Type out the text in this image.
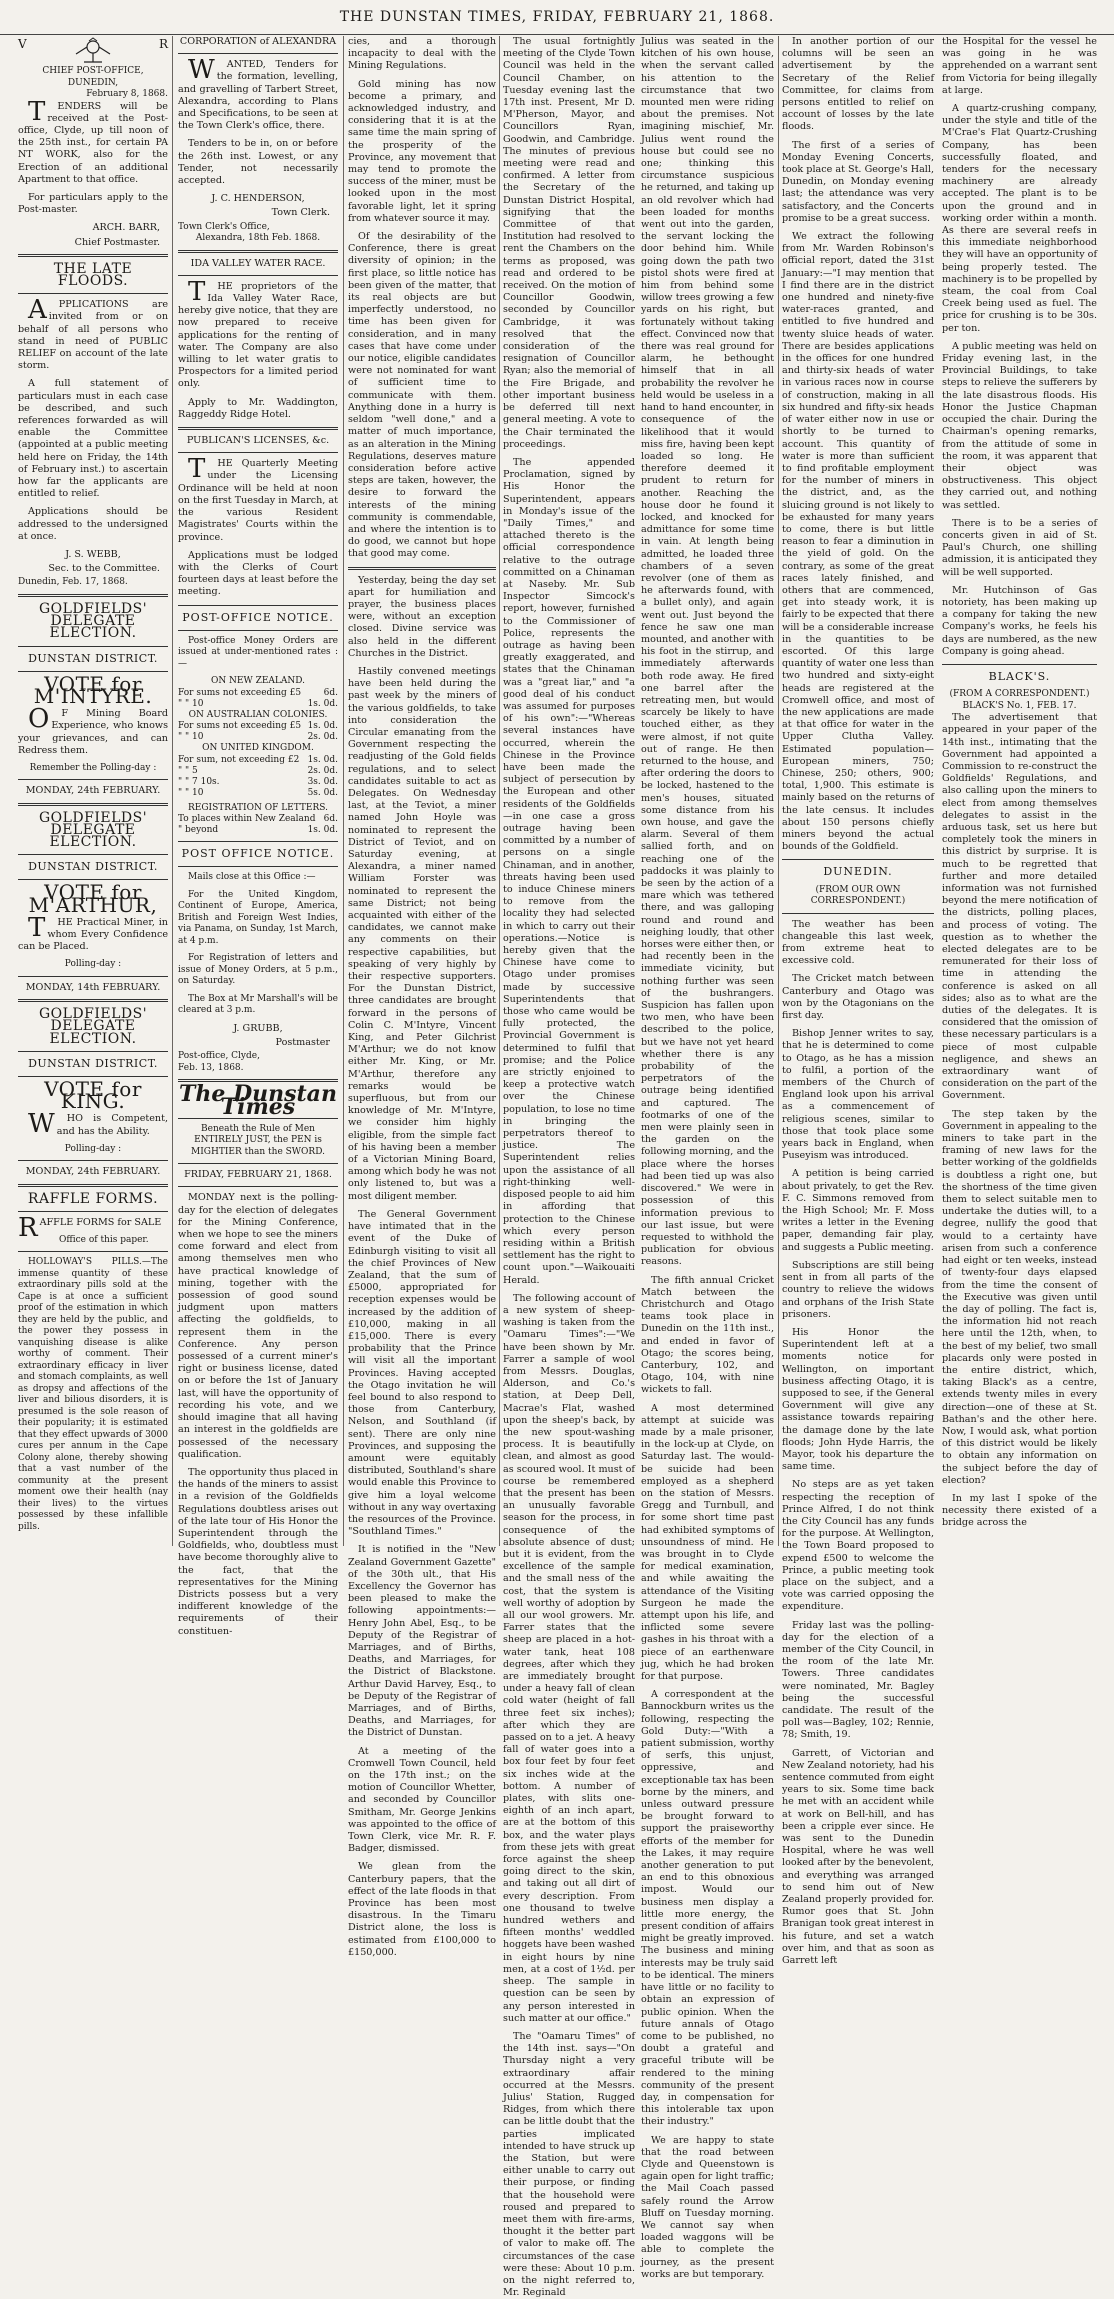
THE DUNSTAN TIMES, FRIDAY, FEBRUARY 21, 1868.
V	R
CHIEF POST-OFFICE, DUNEDIN,
February 8, 1868.

TENDERS will be received at the Post-office, Clyde, up till noon of the 25th inst., for certain PA NT WORK, also for the Erection of an additional Apartment to that office.

For particulars apply to the Post-master.

ARCH. BARR,
Chief Postmaster.
THE LATE FLOODS.

APPLICATIONS are invited from or on behalf of all persons who stand in need of PUBLIC RELIEF on account of the late storm.

A full statement of particulars must in each case be described, and such references forwarded as will enable the Committee (appointed at a public meeting held here on Friday, the 14th of February inst.) to ascertain how far the applicants are entitled to relief.

Applications should be addressed to the undersigned at once.

J. S. WEBB,
Sec. to the Committee.
Dunedin, Feb. 17, 1868.
GOLDFIELDS' DELEGATE ELECTION.
DUNSTAN DISTRICT.
VOTE for M'INTYRE.

OF Mining Board Experience, who knows your grievances, and can Redress them.

Remember the Polling-day :
MONDAY, 24th FEBRUARY.
GOLDFIELDS' DELEGATE ELECTION.
DUNSTAN DISTRICT.
VOTE for M'ARTHUR,

THE Practical Miner, in whom Every Confidence can be Placed.

Polling-day :
MONDAY, 14th FEBRUARY.
GOLDFIELDS' DELEGATE ELECTION.
DUNSTAN DISTRICT.
VOTE for KING.

WHO is Competent, and has the Ability.

Polling-day :
MONDAY, 24th FEBRUARY.
RAFFLE FORMS.

RAFFLE FORMS for SALE

Office of this paper.

HOLLOWAY'S PILLS.—The immense quantity of these extraordinary pills sold at the Cape is at once a sufficient proof of the estimation in which they are held by the public, and the power they possess in vanquishing disease is alike worthy of comment. Their extraordinary efficacy in liver and stomach complaints, as well as dropsy and affections of the liver and bilious disorders, it is presumed is the sole reason of their popularity; it is estimated that they effect upwards of 3000 cures per annum in the Cape Colony alone, thereby showing that a vast number of the community at the present moment owe their health (nay their lives) to the virtues possessed by these infallible pills.

CORPORATION of ALEXANDRA

WANTED, Tenders for the formation, levelling, and gravelling of Tarbert Street, Alexandra, according to Plans and Specifications, to be seen at the Town Clerk's office, there.

Tenders to be in, on or before the 26th inst. Lowest, or any Tender, not necessarily accepted.

J. C. HENDERSON,
Town Clerk.
Town Clerk's Office,
Alexandra, 18th Feb. 1868.
IDA VALLEY WATER RACE.

THE proprietors of the Ida Valley Water Race, hereby give notice, that they are now prepared to receive applications for the renting of water. The Company are also willing to let water gratis to Prospectors for a limited period only.

Apply to Mr. Waddington, Raggeddy Ridge Hotel.

PUBLICAN'S LICENSES, &c.

THE Quarterly Meeting under the Licensing Ordinance will be held at noon on the first Tuesday in March, at the various Resident Magistrates' Courts within the province.

Applications must be lodged with the Clerks of Court fourteen days at least before the meeting.

POST-OFFICE NOTICE.

Post-office Money Orders are issued at under-mentioned rates :—

ON NEW ZEALAND.
For sums not exceeding £5	6d.
" " 10	1s. 0d.
ON AUSTRALIAN COLONIES.
For sums not exceeding £5 1s. 0d.
" " 10	2s. 0d.
ON UNITED KINGDOM.
For sum, not exceeding £2 1s. 0d.
" " 5	2s. 0d.
" " 7 10s.	3s. 0d.
" " 10	5s. 0d.
REGISTRATION OF LETTERS.
To places within New Zealand 6d.
" beyond	1s. 0d.
POST OFFICE NOTICE.

Mails close at this Office :—

For the United Kingdom, Continent of Europe, America, British and Foreign West Indies, via Panama, on Sunday, 1st March, at 4 p.m.

For Registration of letters and issue of Money Orders, at 5 p.m., on Saturday.

The Box at Mr Marshall's will be cleared at 3 p.m.

J. GRUBB,
Postmaster
Post-office, Clyde,
Feb. 13, 1868.
The Dunstan Times
Beneath the Rule of Men ENTIRELY JUST, the PEN is MIGHTIER than the SWORD.
FRIDAY, FEBRUARY 21, 1868.

MONDAY next is the polling-day for the election of delegates for the Mining Conference, when we hope to see the miners come forward and elect from among themselves men who have practical knowledge of mining, together with the possession of good sound judgment upon matters affecting the goldfields, to represent them in the Conference. Any person possessed of a current miner's right or business license, dated on or before the 1st of January last, will have the opportunity of recording his vote, and we should imagine that all having an interest in the goldfields are possessed of the necessary qualification.

The opportunity thus placed in the hands of the miners to assist in a revision of the Goldfields Regulations doubtless arises out of the late tour of His Honor the Superintendent through the Goldfields, who, doubtless must have become thoroughly alive to the fact, that the representatives for the Mining Districts possess but a very indifferent knowledge of the requirements of their constituen-

cies, and a thorough incapacity to deal with the Mining Regulations.

Gold mining has now become a primary, and acknowledged industry, and considering that it is at the same time the main spring of the prosperity of the Province, any movement that may tend to promote the success of the miner, must be looked upon in the most favorable light, let it spring from whatever source it may.

Of the desirability of the Conference, there is great diversity of opinion; in the first place, so little notice has been given of the matter, that its real objects are but imperfectly understood, no time has been given for consideration, and in many cases that have come under our notice, eligible candidates were not nominated for want of sufficient time to communicate with them. Anything done in a hurry is seldom "well done," and a matter of much importance, as an alteration in the Mining Regulations, deserves mature consideration before active steps are taken, however, the desire to forward the interests of the mining community is commendable, and where the intention is to do good, we cannot but hope that good may come.

Yesterday, being the day set apart for humiliation and prayer, the business places were, without an exception closed. Divine service was also held in the different Churches in the District.

Hastily convened meetings have been held during the past week by the miners of the various goldfields, to take into consideration the Circular emanating from the Government respecting the readjusting of the Gold fields regulations, and to select candidates suitable to act as Delegates. On Wednesday last, at the Teviot, a miner named John Hoyle was nominated to represent the District of Teviot, and on Saturday evening, at Alexandra, a miner named William Forster was nominated to represent the same District; not being acquainted with either of the candidates, we cannot make any comments on their respective capabilities, but speaking of very highly by their respective supporters. For the Dunstan District, three candidates are brought forward in the persons of Colin C. M'Intyre, Vincent King, and Peter Gilchrist M'Arthur; we do not know either Mr. King, or Mr. M'Arthur, therefore any remarks would be superfluous, but from our knowledge of Mr. M'Intyre, we consider him highly eligible, from the simple fact of his having been a member of a Victorian Mining Board, among which body he was not only listened to, but was a most diligent member.

The General Government have intimated that in the event of the Duke of Edinburgh visiting to visit all the chief Provinces of New Zealand, that the sum of £5000, appropriated for reception expenses would be increased by the addition of £10,000, making in all £15,000. There is every probability that the Prince will visit all the important Provinces. Having accepted the Otago invitation he will feel bound to also respond to those from Canterbury, Nelson, and Southland (if sent). There are only nine Provinces, and supposing the amount were equitably distributed, Southland's share would enable this Province to give him a loyal welcome without in any way overtaxing the resources of the Province. "Southland Times."

It is notified in the "New Zealand Government Gazette" of the 30th ult., that His Excellency the Governor has been pleased to make the following appointments:—Henry John Abel, Esq., to be Deputy of the Registrar of Marriages, and of Births, Deaths, and Marriages, for the District of Blackstone. Arthur David Harvey, Esq., to be Deputy of the Registrar of Marriages, and of Births, Deaths, and Marriages, for the District of Dunstan.

At a meeting of the Cromwell Town Council, held on the 17th inst.; on the motion of Councillor Whetter, and seconded by Councillor Smitham, Mr. George Jenkins was appointed to the office of Town Clerk, vice Mr. R. F. Badger, dismissed.

We glean from the Canterbury papers, that the effect of the late floods in that Province has been most disastrous. In the Timaru District alone, the loss is estimated from £100,000 to £150,000.

The usual fortnightly meeting of the Clyde Town Council was held in the Council Chamber, on Tuesday evening last the 17th inst. Present, Mr D. M'Pherson, Mayor, and Councillors Ryan, Goodwin, and Cambridge. The minutes of previous meeting were read and confirmed. A letter from the Secretary of the Dunstan District Hospital, signifying that the Committee of that Institution had resolved to rent the Chambers on the terms as proposed, was read and ordered to be received. On the motion of Councillor Goodwin, seconded by Councillor Cambridge, it was resolved that the consideration of the resignation of Councillor Ryan; also the memorial of the Fire Brigade, and other important business be deferred till next general meeting. A vote to the Chair terminated the proceedings.

The appended Proclamation, signed by His Honor the Superintendent, appears in Monday's issue of the "Daily Times," and attached thereto is the official correspondence relative to the outrage committed on a Chinaman at Naseby. Mr. Sub Inspector Simcock's report, however, furnished to the Commissioner of Police, represents the outrage as having been greatly exaggerated, and states that the Chinaman was a "great liar," and "a good deal of his conduct was assumed for purposes of his own":—"Whereas several instances have occurred, wherein the Chinese in the Province have been made the subject of persecution by the European and other residents of the Goldfields—in one case a gross outrage having been committed by a number of persons on a single Chinaman, and in another, threats having been used to induce Chinese miners to remove from the locality they had selected in which to carry out their operations.—Notice is hereby given that the Chinese have come to Otago under promises made by successive Superintendents that those who came would be fully protected, the Provincial Government is determined to fulfil that promise; and the Police are strictly enjoined to keep a protective watch over the Chinese population, to lose no time in bringing the perpetrators thereof to justice. The Superintendent relies upon the assistance of all right-thinking well-disposed people to aid him in affording that protection to the Chinese which every person residing within a British settlement has the right to count upon."—Waikouaiti Herald.

The following account of a new system of sheep-washing is taken from the "Oamaru Times":—"We have been shown by Mr. Farrer a sample of wool from Messrs. Douglas, Alderson, and Co.'s station, at Deep Dell, Macrae's Flat, washed upon the sheep's back, by the new spout-washing process. It is beautifully clean, and almost as good as scoured wool. It must of course be remembered that the present has been an unusually favorable season for the process, in consequence of the absolute absence of dust; but it is evident, from the excellence of the sample and the small ness of the cost, that the system is well worthy of adoption by all our wool growers. Mr. Farrer states that the sheep are placed in a hot-water tank, heat 108 degrees, after which they are immediately brought under a heavy fall of clean cold water (height of fall three feet six inches); after which they are passed on to a jet. A heavy fall of water goes into a box four feet by four feet six inches wide at the bottom. A number of plates, with slits one-eighth of an inch apart, are at the bottom of this box, and the water plays from these jets with great force against the sheep going direct to the skin, and taking out all dirt of every description. From one thousand to twelve hundred wethers and fifteen months' weddled hoggets have been washed in eight hours by nine men, at a cost of 1½d. per sheep. The sample in question can be seen by any person interested in such matter at our office."

The "Oamaru Times" of the 14th inst. says—"On Thursday night a very extraordinary affair occurred at the Messrs. Julius' Station, Rugged Ridges, from which there can be little doubt that the parties implicated intended to have struck up the Station, but were either unable to carry out their purpose, or finding that the household were roused and prepared to meet them with fire-arms, thought it the better part of valor to make off. The circumstances of the case were these: About 10 p.m. on the night referred to, Mr. Reginald

Julius was seated in the kitchen of his own house, when the servant called his attention to the circumstance that two mounted men were riding about the premises. Not imagining mischief, Mr. Julius went round the house but could see no one; thinking this circumstance suspicious he returned, and taking up an old revolver which had been loaded for months went out into the garden, the servant locking the door behind him. While going down the path two pistol shots were fired at him from behind some willow trees growing a few yards on his right, but fortunately without taking effect. Convinced now that there was real ground for alarm, he bethought himself that in all probability the revolver he held would be useless in a hand to hand encounter, in consequence of the likelihood that it would miss fire, having been kept loaded so long. He therefore deemed it prudent to return for another. Reaching the house door he found it locked, and knocked for admittance for some time in vain. At length being admitted, he loaded three chambers of a seven revolver (one of them as he afterwards found, with a bullet only), and again went out. Just beyond the fence he saw one man mounted, and another with his foot in the stirrup, and immediately afterwards both rode away. He fired one barrel after the retreating men, but would scarcely be likely to have touched either, as they were almost, if not quite out of range. He then returned to the house, and after ordering the doors to be locked, hastened to the men's houses, situated some distance from his own house, and gave the alarm. Several of them sallied forth, and on reaching one of the paddocks it was plainly to be seen by the action of a mare which was tethered there, and was galloping round and round and neighing loudly, that other horses were either then, or had recently been in the immediate vicinity, but nothing further was seen of the bushrangers. Suspicion has fallen upon two men, who have been described to the police, but we have not yet heard whether there is any probability of the perpetrators of the outrage being identified and captured. The footmarks of one of the men were plainly seen in the garden on the following morning, and the place where the horses had been tied up was also discovered." We were in possession of this information previous to our last issue, but were requested to withhold the publication for obvious reasons.

The fifth annual Cricket Match between the Christchurch and Otago teams took place in Dunedin on the 11th inst., and ended in favor of Otago; the scores being, Canterbury, 102, and Otago, 104, with nine wickets to fall.

A most determined attempt at suicide was made by a male prisoner, in the lock-up at Clyde, on Saturday last. The would-be suicide had been employed as a shepherd on the station of Messrs. Gregg and Turnbull, and for some short time past had exhibited symptoms of unsoundness of mind. He was brought in to Clyde for medical examination, and while awaiting the attendance of the Visiting Surgeon he made the attempt upon his life, and inflicted some severe gashes in his throat with a piece of an earthenware jug, which he had broken for that purpose.

A correspondent at the Bannockburn writes us the following, respecting the Gold Duty:—"With a patient submission, worthy of serfs, this unjust, oppressive, and exceptionable tax has been borne by the miners, and unless outward pressure be brought forward to support the praiseworthy efforts of the member for the Lakes, it may require another generation to put an end to this obnoxious impost. Would our business men display a little more energy, the present condition of affairs might be greatly improved. The business and mining interests may be truly said to be identical. The miners have little or no facility to obtain an expression of public opinion. When the future annals of Otago come to be published, no doubt a grateful and graceful tribute will be rendered to the mining community of the present day, in compensation for this intolerable tax upon their industry."

We are happy to state that the road between Clyde and Queenstown is again open for light traffic; the Mail Coach passed safely round the Arrow Bluff on Tuesday morning. We cannot say when loaded waggons will be able to complete the journey, as the present works are but temporary.

In another portion of our columns will be seen an advertisement by the Secretary of the Relief Committee, for claims from persons entitled to relief on account of losses by the late floods.

The first of a series of Monday Evening Concerts, took place at St. George's Hall, Dunedin, on Monday evening last; the attendance was very satisfactory, and the Concerts promise to be a great success.

We extract the following from Mr. Warden Robinson's official report, dated the 31st January:—"I may mention that I find there are in the district one hundred and ninety-five water-races granted, and entitled to five hundred and twenty sluice heads of water. There are besides applications in the offices for one hundred and thirty-six heads of water in various races now in course of construction, making in all six hundred and fifty-six heads of water either now in use or shortly to be turned to account. This quantity of water is more than sufficient to find profitable employment for the number of miners in the district, and, as the sluicing ground is not likely to be exhausted for many years to come, there is but little reason to fear a diminution in the yield of gold. On the contrary, as some of the great races lately finished, and others that are commenced, get into steady work, it is fairly to be expected that there will be a considerable increase in the quantities to be escorted. Of this large quantity of water one less than two hundred and sixty-eight heads are registered at the Cromwell office, and most of the new applications are made at that office for water in the Upper Clutha Valley. Estimated population—European miners, 750; Chinese, 250; others, 900; total, 1,900. This estimate is mainly based on the returns of the late census. It includes about 150 persons chiefly miners beyond the actual bounds of the Goldfield.

DUNEDIN.
(FROM OUR OWN CORRESPONDENT.)

The weather has been changeable this last week, from extreme heat to excessive cold.

The Cricket match between Canterbury and Otago was won by the Otagonians on the first day.

Bishop Jenner writes to say, that he is determined to come to Otago, as he has a mission to fulfil, a portion of the members of the Church of England look upon his arrival as a commencement of religious scenes, similar to those that took place some years back in England, when Puseyism was introduced.

A petition is being carried about privately, to get the Rev. F. C. Simmons removed from the High School; Mr. F. Moss writes a letter in the Evening paper, demanding fair play, and suggests a Public meeting.

Subscriptions are still being sent in from all parts of the country to relieve the widows and orphans of the Irish State prisoners.

His Honor the Superintendent left at a moments notice for Wellington, on important business affecting Otago, it is supposed to see, if the General Government will give any assistance towards repairing the damage done by the late floods; John Hyde Harris, the Mayor, took his departure the same time.

No steps are as yet taken respecting the reception of Prince Alfred, I do not think the City Council has any funds for the purpose. At Wellington, the Town Board proposed to expend £500 to welcome the Prince, a public meeting took place on the subject, and a vote was carried opposing the expenditure.

Friday last was the polling-day for the election of a member of the City Council, in the room of the late Mr. Towers. Three candidates were nominated, Mr. Bagley being the successful candidate. The result of the poll was—Bagley, 102; Rennie, 78; Smith, 19.

Garrett, of Victorian and New Zealand notoriety, had his sentence commuted from eight years to six. Some time back he met with an accident while at work on Bell-hill, and has been a cripple ever since. He was sent to the Dunedin Hospital, where he was well looked after by the benevolent, and everything was arranged to send him out of New Zealand properly provided for. Rumor goes that St. John Branigan took great interest in his future, and set a watch over him, and that as soon as Garrett left

the Hospital for the vessel he was going in he was apprehended on a warrant sent from Victoria for being illegally at large.

A quartz-crushing company, under the style and title of the M'Crae's Flat Quartz-Crushing Company, has been successfully floated, and tenders for the necessary machinery are already accepted. The plant is to be upon the ground and in working order within a month. As there are several reefs in this immediate neighborhood they will have an opportunity of being properly tested. The machinery is to be propelled by steam, the coal from Coal Creek being used as fuel. The price for crushing is to be 30s. per ton.

A public meeting was held on Friday evening last, in the Provincial Buildings, to take steps to relieve the sufferers by the late disastrous floods. His Honor the Justice Chapman occupied the chair. During the Chairman's opening remarks, from the attitude of some in the room, it was apparent that their object was obstructiveness. This object they carried out, and nothing was settled.

There is to be a series of concerts given in aid of St. Paul's Church, one shilling admission, it is anticipated they will be well supported.

Mr. Hutchinson of Gas notoriety, has been making up a company for taking the new Company's works, he feels his days are numbered, as the new Company is going ahead.

BLACK'S.
(FROM A CORRESPONDENT.)
BLACK'S No. 1, FEB. 17.

The advertisement that appeared in your paper of the 14th inst., intimating that the Government had appointed a Commission to re-construct the Goldfields' Regulations, and also calling upon the miners to elect from among themselves delegates to assist in the arduous task, set us here but completely took the miners in this district by surprise. It is much to be regretted that further and more detailed information was not furnished beyond the mere notification of the districts, polling places, and process of voting. The question as to whether the elected delegates are to be remunerated for their loss of time in attending the conference is asked on all sides; also as to what are the duties of the delegates. It is considered that the omission of these necessary particulars is a piece of most culpable negligence, and shews an extraordinary want of consideration on the part of the Government.

The step taken by the Government in appealing to the miners to take part in the framing of new laws for the better working of the goldfields is doubtless a right one, but the shortness of the time given them to select suitable men to undertake the duties will, to a degree, nullify the good that would to a certainty have arisen from such a conference had eight or ten weeks, instead of twenty-four days elapsed from the time the consent of the Executive was given until the day of polling. The fact is, the information hid not reach here until the 12th, when, to the best of my belief, two small placards only were posted in the entire district, which, taking Black's as a centre, extends twenty miles in every direction—one of these at St. Bathan's and the other here. Now, I would ask, what portion of this district would be likely to obtain any information on the subject before the day of election?

In my last I spoke of the necessity there existed of a bridge across the
